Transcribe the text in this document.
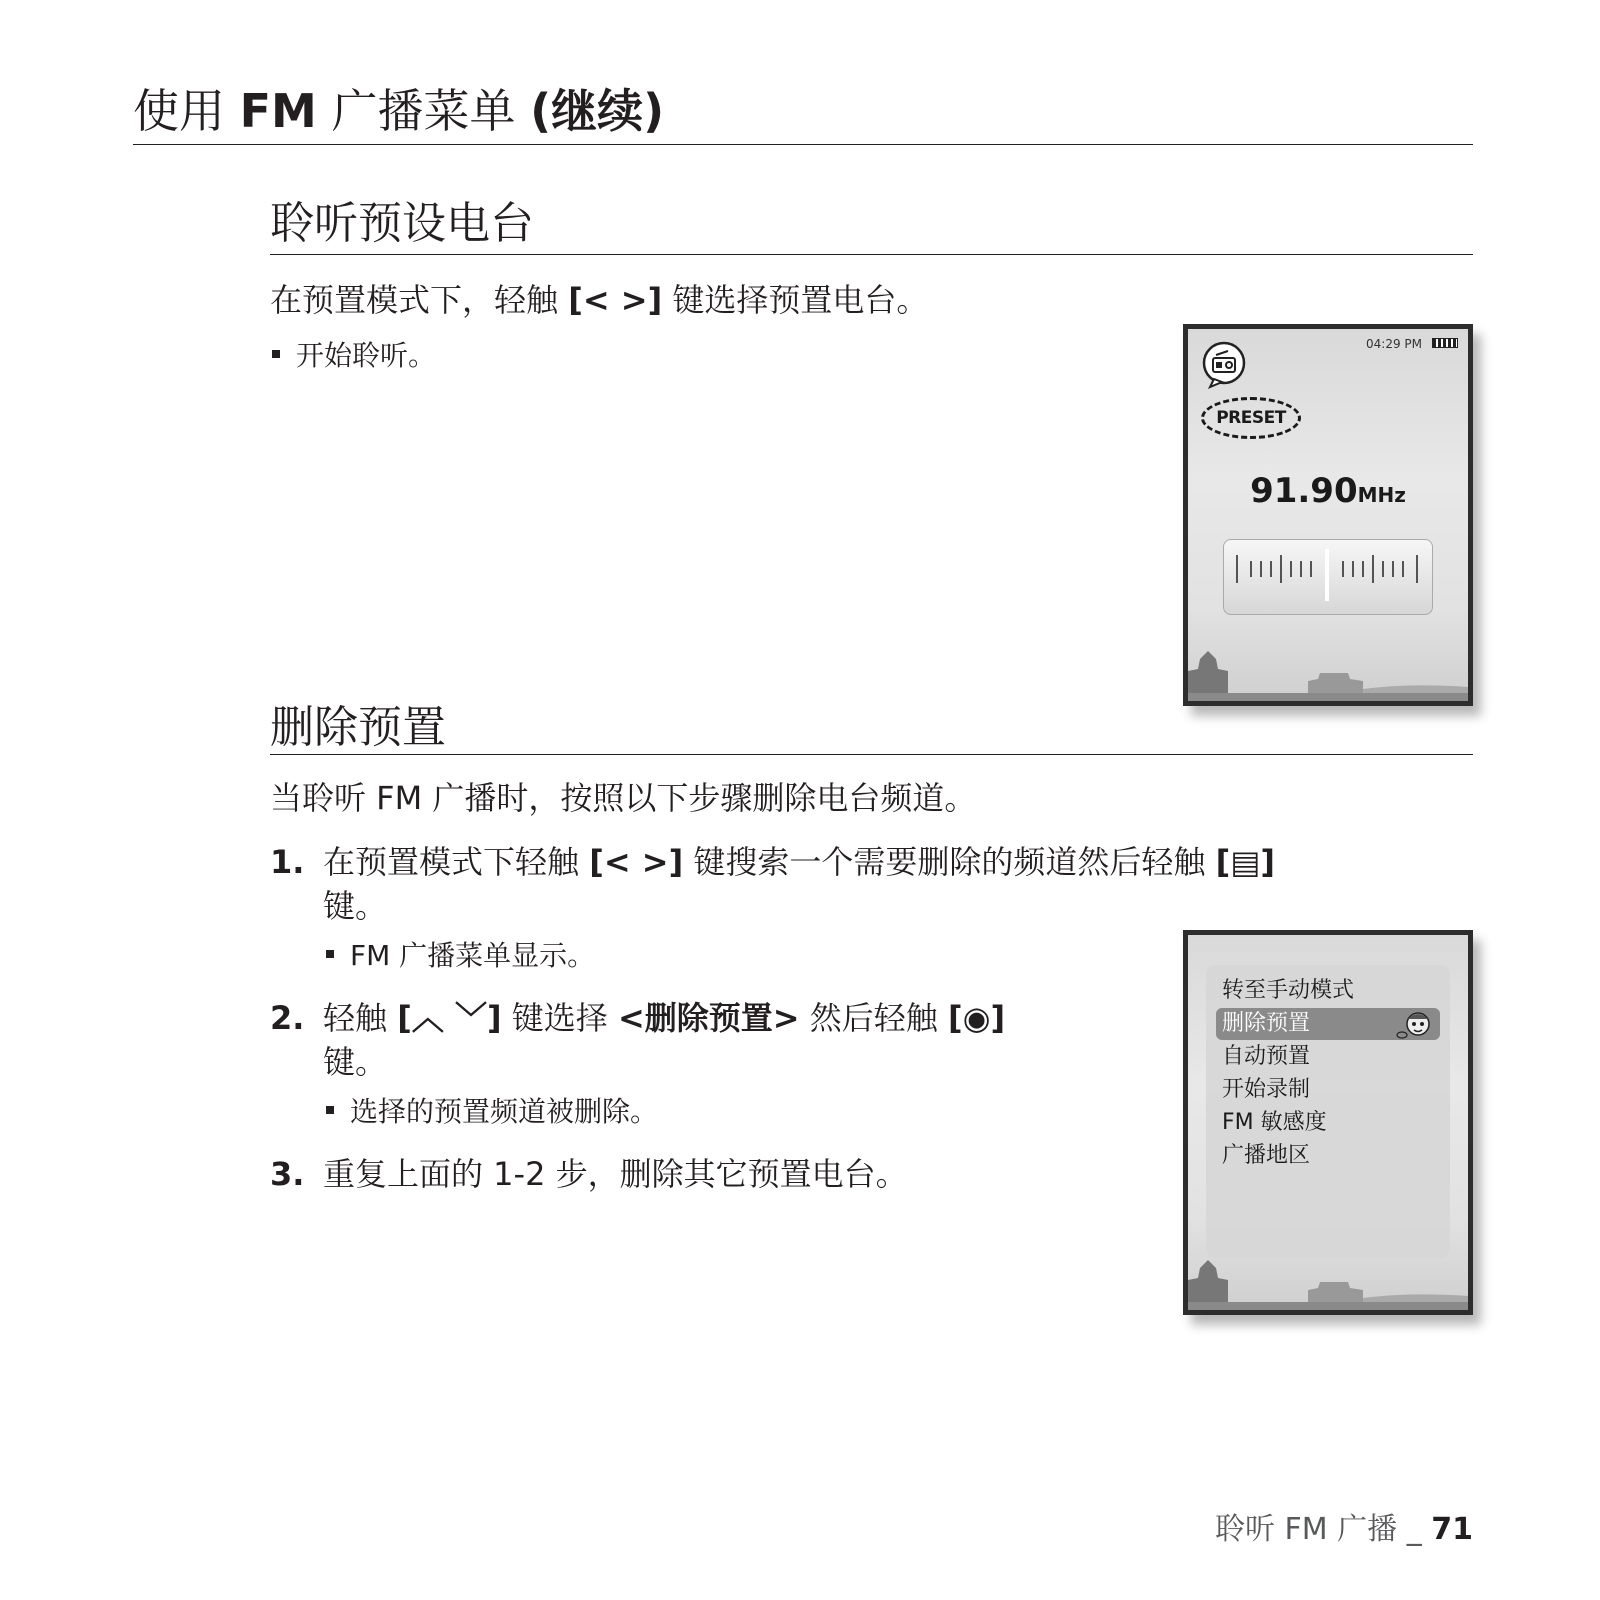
使用 FM 广播菜单 (继续)
聆听预设电台
在预置模式下，轻触 [< >] 键选择预置电台。
开始聆听。	04:29 PM
PRESET
91.90MHz
删除预置
当聆听 FM 广播时，按照以下步骤删除电台频道。
1. 在预置模式下轻触 [< >] 键搜索一个需要删除的频道然后轻触 [▤]
键。
FM 广播菜单显示。
2. 轻触 [︿ ﹀] 键选择 <删除预置> 然后轻触 [◉]
键。
选择的预置频道被删除。
3. 重复上面的 1-2 步，删除其它预置电台。
转至手动模式
删除预置
自动预置
开始录制
FM 敏感度
广播地区
聆听 FM 广播 _ 71
